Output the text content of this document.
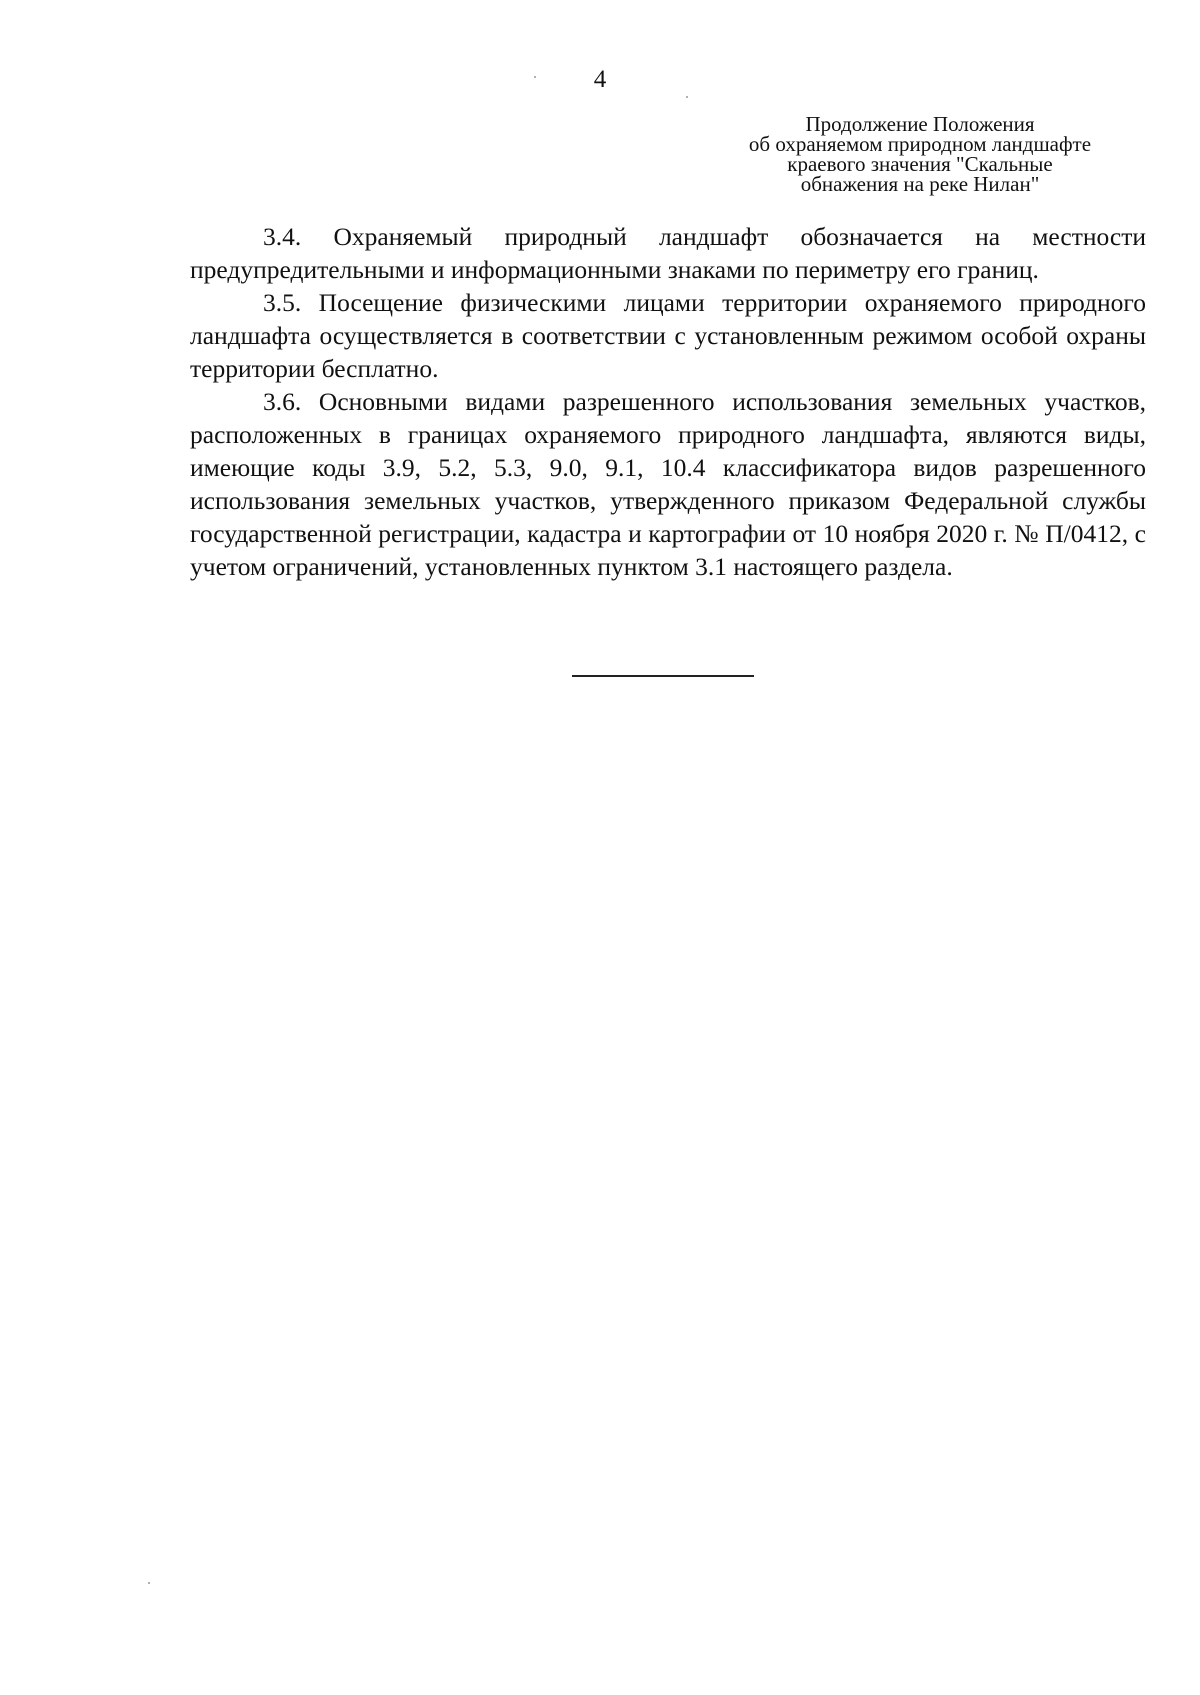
4
Продолжение Положения
об охраняемом природном ландшафте
краевого значения "Скальные
обнажения на реке Нилан"

3.4. Охраняемый природный ландшафт обозначается на местности предупредительными и информационными знаками по периметру его границ.

3.5. Посещение физическими лицами территории охраняемого природного ландшафта осуществляется в соответствии с установленным режимом особой охраны территории бесплатно.

3.6. Основными видами разрешенного использования земельных участков, расположенных в границах охраняемого природного ландшафта, являются виды, имеющие коды 3.9, 5.2, 5.3, 9.0, 9.1, 10.4 классификатора видов разрешенного использования земельных участков, утвержденного приказом Федеральной службы государственной регистрации, кадастра и картографии от 10 ноября 2020 г. № П/0412, с учетом ограничений, установленных пунктом 3.1 настоящего раздела.
